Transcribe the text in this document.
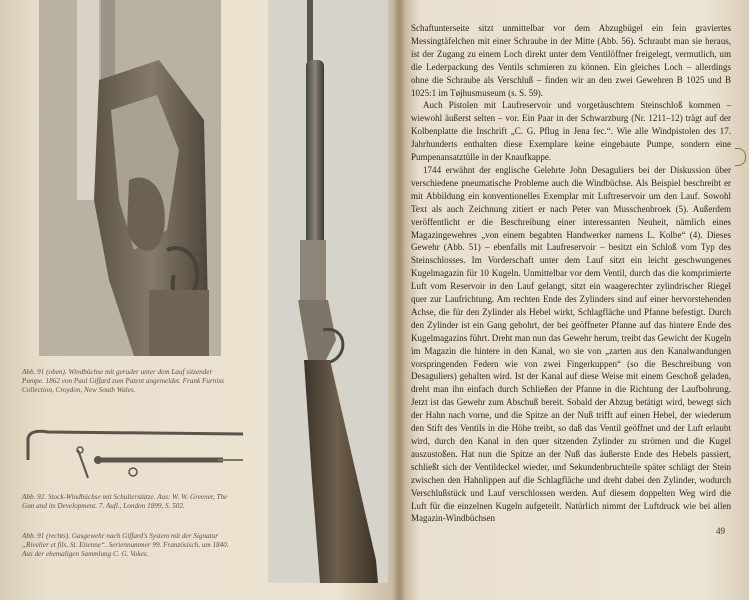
Abb. 91 (oben). Windbüchse mit gerader unter dem Lauf sitzender Pumpe. 1862 von Paul Giffard zum Patent angemeldet. Frank Furniss Collection, Croydon, New South Wales.
Abb. 92. Stock-Windbüchse mit Schulterstütze. Aus: W. W. Greener, The Gun and its Development. 7. Aufl., London 1899, S. 502.
Abb. 91 (rechts). Gasgewehr nach Giffard's System mit der Signatur „Rivelier et fils, St. Etienne“. Seriennummer 99. Französisch, um 1840. Aus der ehemaligen Sammlung C. G. Vokes.

Schaftunterseite sitzt unmittelbar vor dem Abzugbügel ein fein graviertes Messingtäfelchen mit einer Schraube in der Mitte (Abb. 56). Schraubt man sie heraus, ist der Zugang zu einem Loch direkt unter dem Ventilöffner freigelegt, vermutlich, um die Lederpackung des Ventils schmieren zu können. Ein gleiches Loch – allerdings ohne die Schraube als Verschluß – finden wir an den zwei Gewehren B 1025 und B 1025:1 im Tøjhusmuseum (s. S. 59).

Auch Pistolen mit Laufreservoir und vorgetäuschtem Steinschloß kommen – wiewohl äußerst selten – vor. Ein Paar in der Schwarzburg (Nr. 1211–12) trägt auf der Kolbenplatte die Inschrift „C. G. Pflug in Jena fec.“. Wie alle Windpistolen des 17. Jahrhunderts enthalten diese Exemplare keine eingebaute Pumpe, sondern eine Pumpenansatztülle in der Knaufkappe.

1744 erwähnt der englische Gelehrte John Desaguliers bei der Diskussion über verschiedene pneumatische Probleme auch die Windbüchse. Als Beispiel beschreibt er mit Abbildung ein konventionelles Exemplar mit Luftreservoir um den Lauf. Sowohl Text als auch Zeichnung zitiert er nach Peter van Musschenbroek (5). Außerdem veröffentlicht er die Beschreibung einer interessanten Neuheit, nämlich eines Magazingewehres „von einem begabten Handwerker namens L. Kolbe“ (4). Dieses Gewehr (Abb. 51) – ebenfalls mit Laufreservoir – besitzt ein Schloß vom Typ des Steinschlosses. Im Vorderschaft unter dem Lauf sitzt ein leicht geschwungenes Kugelmagazin für 10 Kugeln. Unmittelbar vor dem Ventil, durch das die komprimierte Luft vom Reservoir in den Lauf gelangt, sitzt ein waagerechter zylindrischer Riegel quer zur Laufrichtung. Am rechten Ende des Zylinders sind auf einer hervorstehenden Achse, die für den Zylinder als Hebel wirkt, Schlagfläche und Pfanne befestigt. Durch den Zylinder ist ein Gang gebohrt, der bei geöffneter Pfanne auf das hintere Ende des Kugelmagazins führt. Dreht man nun das Gewehr herum, treibt das Gewicht der Kugeln im Magazin die hintere in den Kanal, wo sie von „zarten aus den Kanalwandungen vorspringenden Federn wie von zwei Fingerkuppen“ (so die Beschreibung von Desaguliers) gehalten wird. Ist der Kanal auf diese Weise mit einem Geschoß geladen, dreht man ihn einfach durch Schließen der Pfanne in die Richtung der Laufbohrung. Jetzt ist das Gewehr zum Abschuß bereit. Sobald der Abzug betätigt wird, bewegt sich der Hahn nach vorne, und die Spitze an der Nuß trifft auf einen Hebel, der wiederum den Stift des Ventils in die Höhe treibt, so daß das Ventil geöffnet und der Luft erlaubt wird, durch den Kanal in den quer sitzenden Zylinder zu strömen und die Kugel auszustoßen. Hat nun die Spitze an der Nuß das äußerste Ende des Hebels passiert, schließt sich der Ventildeckel wieder, und Sekundenbruchteile später schlägt der Stein zwischen den Hahnlippen auf die Schlagfläche und dreht dabei den Zylinder, wodurch Verschlußstück und Lauf verschlossen werden. Auf diesem doppelten Weg wird die Luft für die einzelnen Kugeln aufgeteilt. Natürlich nimmt der Luftdruck wie bei allen Magazin-Windbüchsen

49
